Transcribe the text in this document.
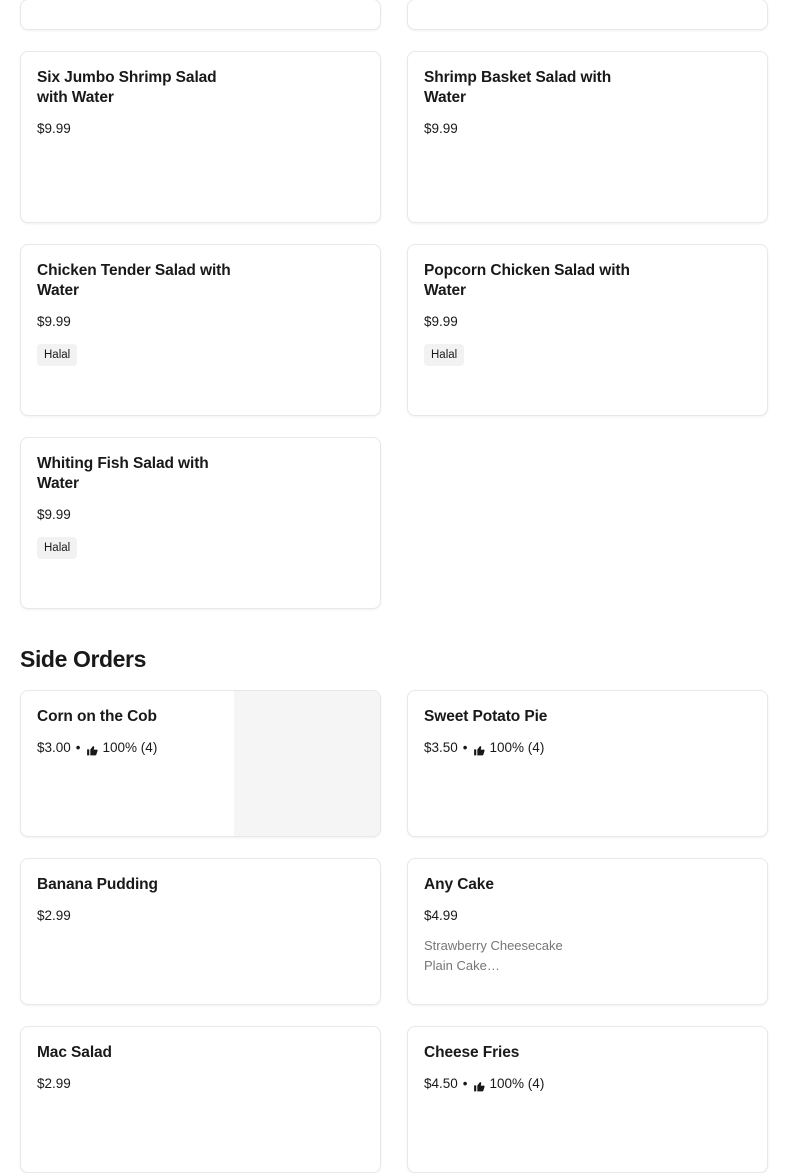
Six Jumbo Shrimp Salad with Water
$9.99
Shrimp Basket Salad with Water
$9.99
Chicken Tender Salad with Water
$9.99
Halal
Popcorn Chicken Salad with Water
$9.99
Halal
Whiting Fish Salad with Water
$9.99
Halal
Side Orders
Corn on the Cob
$3.00 • 100% (4)
Sweet Potato Pie
$3.50 • 100% (4)
Banana Pudding
$2.99
Any Cake
$4.99
Strawberry Cheesecake
Plain Cake…
Mac Salad
$2.99
Cheese Fries
$4.50 • 100% (4)
